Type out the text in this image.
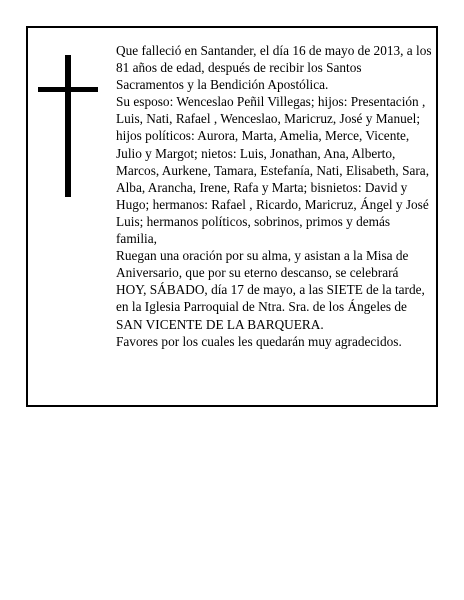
Que falleció en Santander, el día 16 de mayo de 2013, a los 81 años de edad, después de recibir los Santos Sacramentos y la Bendición Apostólica.

Su esposo: Wenceslao Peñil Villegas; hijos: Presentación , Luis, Nati, Rafael , Wenceslao, Maricruz, José y Manuel; hijos políticos: Aurora, Marta, Amelia, Merce, Vicente, Julio y Margot; nietos: Luis, Jonathan, Ana, Alberto, Marcos, Aurkene, Tamara, Estefanía, Nati, Elisabeth, Sara, Alba, Arancha, Irene, Rafa y Marta; bisnietos: David y Hugo; hermanos: Rafael , Ricardo, Maricruz, Ángel y José Luis; hermanos políticos, sobrinos, primos y demás familia,

Ruegan una oración por su alma, y asistan a la Misa de Aniversario, que por su eterno descanso, se celebrará HOY, SÁBADO, día 17 de mayo, a las SIETE de la tarde, en la Iglesia Parroquial de Ntra. Sra. de los Ángeles de SAN VICENTE DE LA BARQUERA.

Favores por los cuales les quedarán muy agradecidos.
